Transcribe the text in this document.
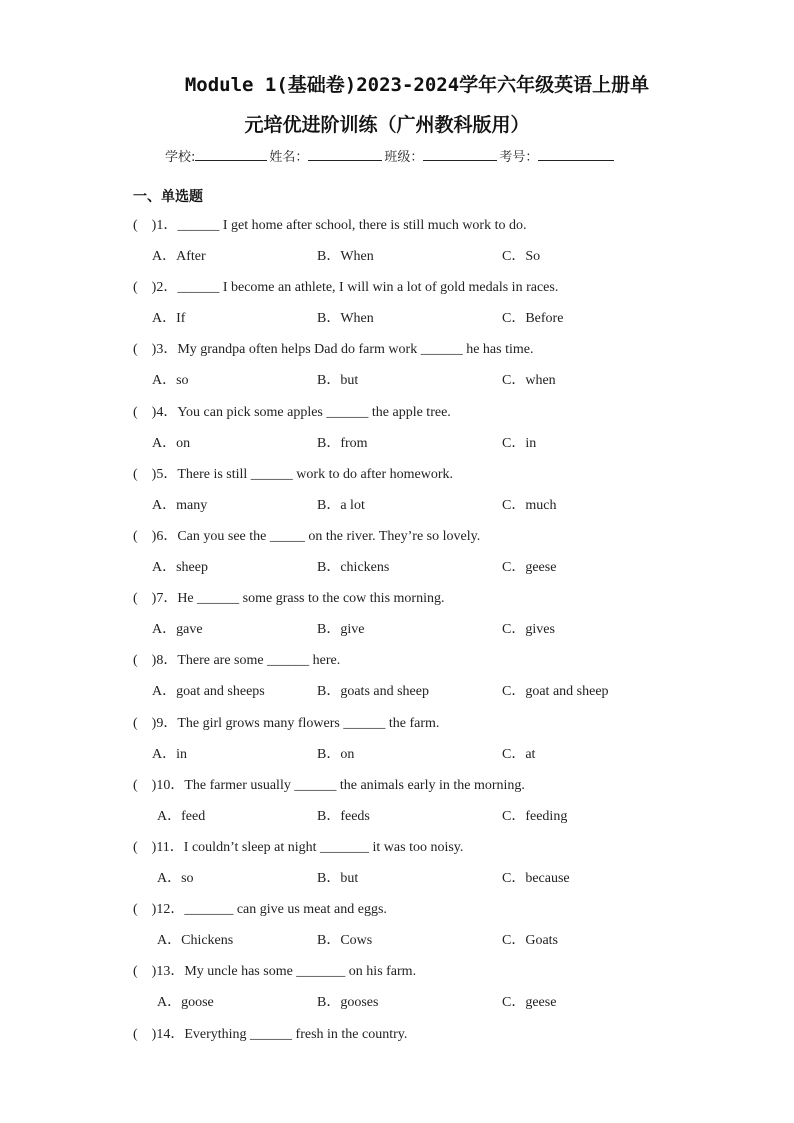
Module 1(基础卷)2023-2024学年六年级英语上册单
元培优进阶训练（广州教科版用）
学校:	姓名：	班级：	考号：
一、单选题
(　)1．______ I get home after school, there is still much work to do.
A．After	B．When	C．So
(　)2．______ I become an athlete, I will win a lot of gold medals in races.
A．If	B．When	C．Before
(　)3．My grandpa often helps Dad do farm work ______ he has time.
A．so	B．but	C．when
(　)4．You can pick some apples ______ the apple tree.
A．on	B．from	C．in
(　)5．There is still ______ work to do after homework.
A．many	B．a lot	C．much
(　)6．Can you see the _____ on the river. They’re so lovely.
A．sheep	B．chickens	C．geese
(　)7．He ______ some grass to the cow this morning.
A．gave	B．give	C．gives
(　)8．There are some ______ here.
A．goat and sheeps	B．goats and sheep	C．goat and sheep
(　)9．The girl grows many flowers ______ the farm.
A．in	B．on	C．at
(　)10．The farmer usually ______ the animals early in the morning.
A．feed	B．feeds	C．feeding
(　)11．I couldn’t sleep at night _______ it was too noisy.
A．so	B．but	C．because
(　)12．_______ can give us meat and eggs.
A．Chickens	B．Cows	C．Goats
(　)13．My uncle has some _______ on his farm.
A．goose	B．gooses	C．geese
(　)14．Everything ______ fresh in the country.
